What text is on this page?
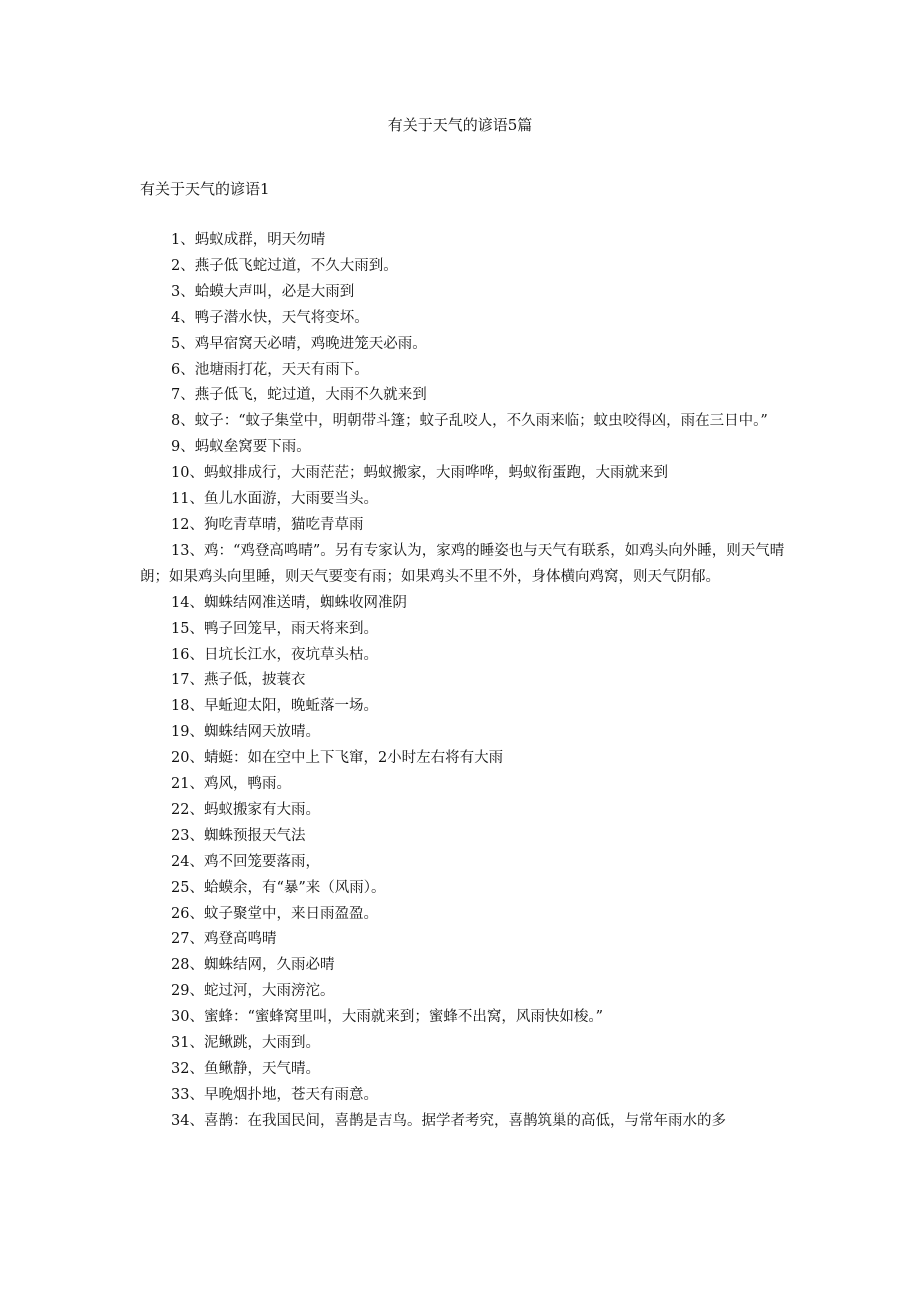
有关于天气的谚语5篇
有关于天气的谚语1

1、蚂蚁成群，明天勿晴

2、燕子低飞蛇过道，不久大雨到。

3、蛤蟆大声叫，必是大雨到

4、鸭子潜水快，天气将变坏。

5、鸡早宿窝天必晴，鸡晚进笼天必雨。

6、池塘雨打花，天天有雨下。

7、燕子低飞，蛇过道，大雨不久就来到

8、蚊子：“蚊子集堂中，明朝带斗篷；蚊子乱咬人，不久雨来临；蚊虫咬得凶，雨在三日中。”

9、蚂蚁垒窝要下雨。

10、蚂蚁排成行，大雨茫茫；蚂蚁搬家，大雨哗哗，蚂蚁衔蛋跑，大雨就来到

11、鱼儿水面游，大雨要当头。

12、狗吃青草晴，猫吃青草雨

13、鸡：“鸡登高鸣晴”。另有专家认为，家鸡的睡姿也与天气有联系，如鸡头向外睡，则天气晴朗；如果鸡头向里睡，则天气要变有雨；如果鸡头不里不外，身体横向鸡窝，则天气阴郁。

14、蜘蛛结网准送晴，蜘蛛收网准阴

15、鸭子回笼早，雨天将来到。

16、日坑长江水，夜坑草头枯。

17、燕子低，披蓑衣

18、早蚯迎太阳，晚蚯落一场。

19、蜘蛛结网天放晴。

20、蜻蜓：如在空中上下飞窜，2小时左右将有大雨

21、鸡风，鸭雨。

22、蚂蚁搬家有大雨。

23、蜘蛛预报天气法

24、鸡不回笼要落雨，

25、蛤蟆余，有“暴”来（风雨）。

26、蚊子聚堂中，来日雨盈盈。

27、鸡登高鸣晴

28、蜘蛛结网，久雨必晴

29、蛇过河，大雨滂沱。

30、蜜蜂：“蜜蜂窝里叫，大雨就来到；蜜蜂不出窝，风雨快如梭。”

31、泥鳅跳，大雨到。

32、鱼鳅静，天气晴。

33、早晚烟扑地，苍天有雨意。

34、喜鹊：在我国民间，喜鹊是吉鸟。据学者考究，喜鹊筑巢的高低，与常年雨水的多
